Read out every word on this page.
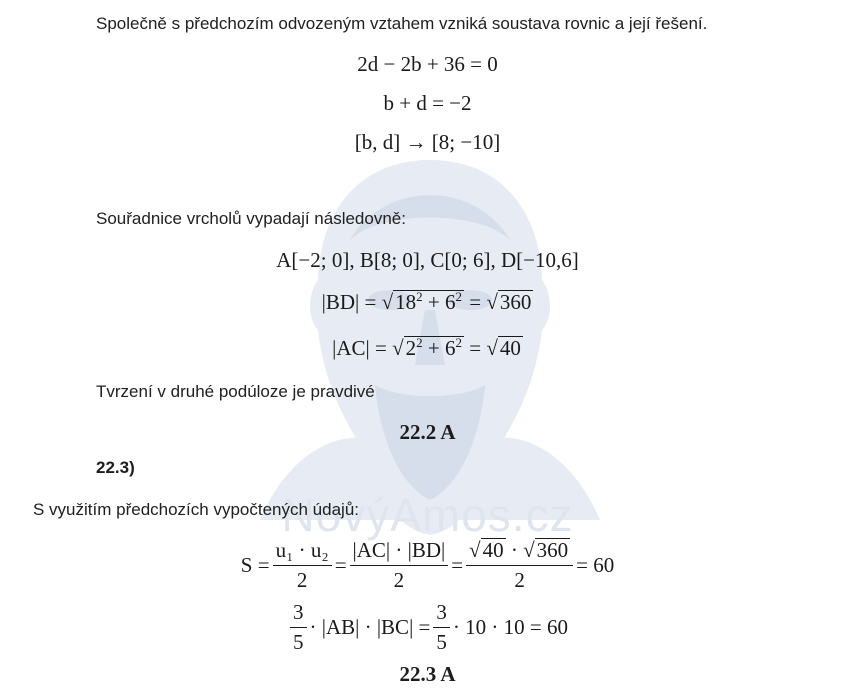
NovýAmos.cz
Společně s předchozím odvozeným vztahem vzniká soustava rovnic a její řešení.
2d − 2b + 36 = 0
b + d = −2
[b, d] → [8; −10]
Souřadnice vrcholů vypadají následovně:
A[−2; 0], B[8; 0], C[0; 6], D[−10,6]
$|BD| = √18^2 + 6^2 = √360$
$|AC| = √2^2 + 6^2 = √40$
Tvrzení v druhé podúloze je pravdivé
22.2 A
22.3)
S využitím předchozích vypočtených údajů:
$S = \frac{\text{u₁ · u₂}}{2} = \frac{|AC| \cdot |BD|}{2} = \frac{√40 \cdot √360}{2} = 60$
$\frac{3}{5} \cdot |AB| \cdot |BC| = \frac{3}{5} \cdot 10 \cdot 10 = 60$
22.3 A
